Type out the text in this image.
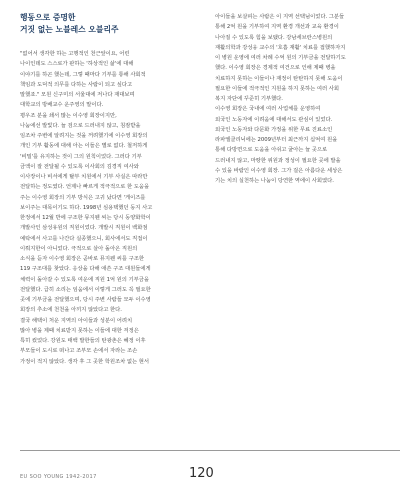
행동으로 증명한
거짓 없는 노블레스 오블리주
"없어서 생각한 하는 고행적인 천근앞이요, 어린
나이인데도 스스로가 판하는 '하상적인 삶'에 대해
이야기를 하곤 했는데, 그렇 때마다 기부를 통해 사회적
책임과 도덕적 의무를 다하는 사람이 되고 싶다고
말했죠." 모원 신구미의 서울대에 저나다 재대보며
대학교의 방배교수 운주영의 말이다.
평우조 분을 쇄서 많는 이수영 회장이지만,
나눔에선 발빛다. 늘 검으로 드러내지 않고, 침잠받을
임조차 주변에 알려지는 것을 꺼려했기에 이수영 회장의
개인 기부 활동에 대해 아는 이들은 별로 없다. 철저하게
'비밀'를 유지하는 것이 그의 원칙이었다. 그러다 기부
금액이 잘 전달될 수 있도록 이사회의 김경직 여사와
이사장이나 비서에게 탈부 치원에서 기부 사실은 따라만
전달하는 정도였다. 언제나 빠르게 적극적으로 한 도움을
주는 이수영 회장의 기부 방식은 고귀 났다면 '게이즈를
보이주는 대목이기도 하다. 1998년 심용택했던 동지 사고
한정에서 12월 반에 구조한 뮤지웬 씨는 당시 동양화학이
개발사인 삼성유원의 직원이었다. 개발시 직원이 백화점
예탁에서 사고를 나간다 실종했으니, 회사에서도 직접이
이뤄지한이 아니었다. 극적으로 살아 돌아온 직원의
소식을 듣자 이수영 회장은 곧바로 뮤지웬 씨를 구조한
119 구조대를 찾았다. 응상을 다해 애쓴 구조 대원들에게
체력이 돌아갈 수 있도록 여운에 직원 1억 원의 기부금을
전달했다. 급히 소리는 임움에서 이렇게 그러도 꼭 필요한
곳에 기부금을 전달했으며, 당시 주변 사람들 모두 이수영
회장의 추소에 천천을 아끼지 않았다고 한다.
결국 해택이 처운 지역의 아이들과 성분이 어려치
많아 병을 제때 치료받지 못하는 이들에 대한 걱정은
특히 컸었다. 강원도 태백 발한들의 탄광촌은 혜정 이후
부모들이 도시로 떠나고 조부모 손에서 자라는 조손
가정이 적지 않았다. 생각 후 그 곳한 학원조차 없는 현서
아이들을 보살피는 사람은 이 지역 선택님이었다. 그분들
통해 2억 원을 기부하여 지역 환경 개선과 교육 환경이
나아질 수 있도록 힘을 보탰다. 강남세브란스병원의
재활의학과 강성웅 교수의 '호흡 재활' 치료를 접했하자지
이 병원 운영에 여러 차례 수억 원의 기부금을 전달하기도
했다. 이수영 회장은 경제적 여건으로 인해 제때 병을
치료하지 못하는 이들이나 재정이 탄탄하지 못해 도움이
필요한 이들에 적극적인 지원을 하지 못하는 여러 사회
복지 자단에 꾸준히 기부했다.
이수영 회장은 국내에 여러 사업체를 운영하여
외국인 노동자에 이려움에 대해서도 관심이 있었다.
외국인 노동자와 다문화 가정을 위한 무료 진료소인
라파엘클리닉에는 2009년부터 최근까지 십억여 원을
통해 다방면으로 도움을 아쉬고 굴아는 늘 곳으로
드러내지 않고, 마땅한 위원과 정성이 필요한 곳에 발을
수 있을 바람인 이수영 회장. 그가 걸은 아름다운 세상은
기는 치의 실천하는 나눔이 당연한 역에이 사회였다.
EU SOO YOUNG 1942-2017	120
